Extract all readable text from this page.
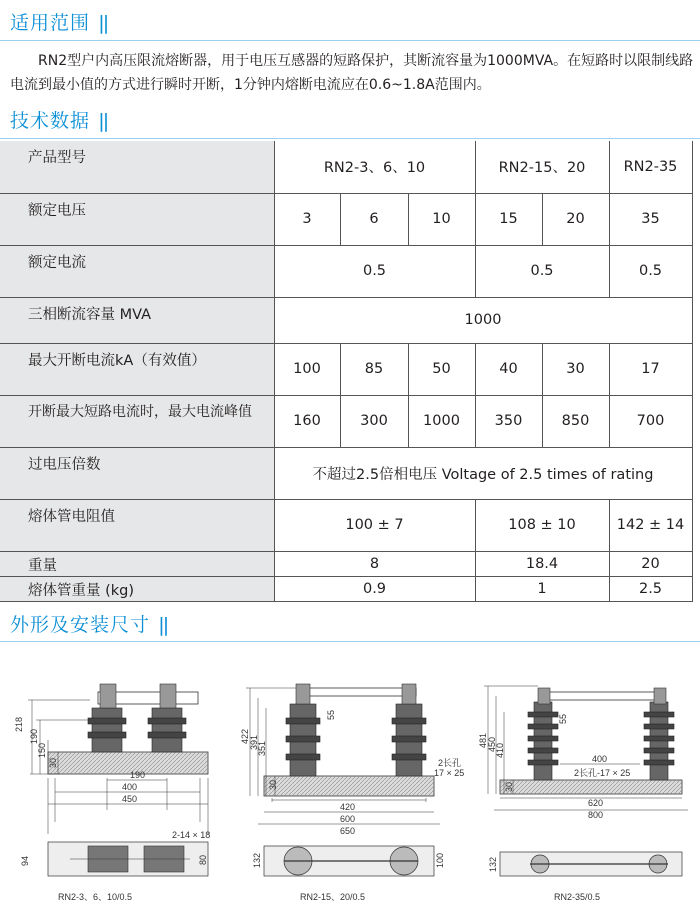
适用范围 ‖

RN2型户内高压限流熔断器，用于电压互感器的短路保护，其断流容量为1000MVA。在短路时以限制线路电流到最小值的方式进行瞬时开断，1分钟内熔断电流应在0.6~1.8A范围内。

技术数据 ‖
产品型号	RN2-3、6、10			RN2-15、20		RN2-35
额定电压	3	6	10	15	20	35
额定电流	0.5			0.5		0.5
三相断流容量 MVA	1000					
最大开断电流kA（有效值）	100	85	50	40	30	17
开断最大短路电流时，最大电流峰值	160	300	1000	350	850	700
过电压倍数	不超过2.5倍相电压 Voltage of 2.5 times of rating					
熔体管电阻值	100 ± 7			108 ± 10		142 ± 14
重量	8			18.4		20
熔体管重量 (kg)	0.9			1		2.5
外形及安装尺寸 ‖
218
190
150
30
190
400
450
94	80
2-14 × 18
RN2-3、6、10/0.5
422 391
351
30
55
2长孔
17 × 25
420
600
650
132	100
RN2-15、20/0.5
481 450
410
30
55
400
2长孔-17 × 25
620
800
132
RN2-35/0.5
